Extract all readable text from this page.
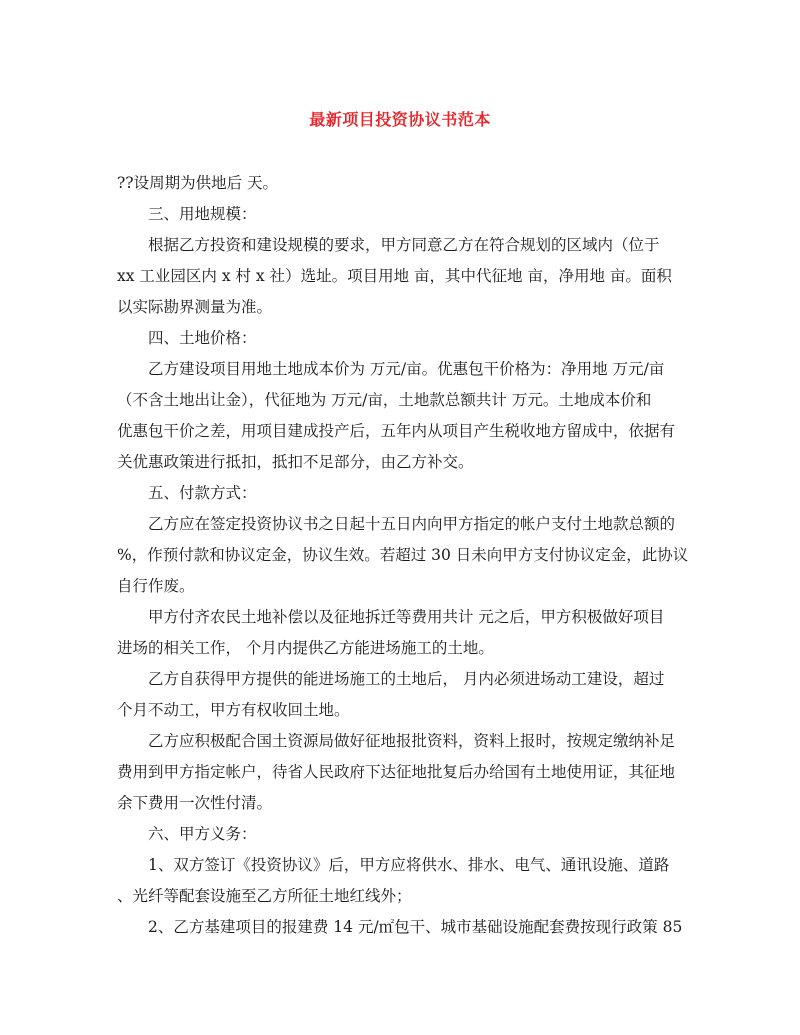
最新项目投资协议书范本
??设周期为供地后 天。
三、用地规模：
根据乙方投资和建设规模的要求，甲方同意乙方在符合规划的区域内（位于
xx 工业园区内 x 村 x 社）选址。项目用地 亩，其中代征地 亩，净用地 亩。面积
以实际勘界测量为准。
四、土地价格：
乙方建设项目用地土地成本价为 万元/亩。优惠包干价格为：净用地 万元/亩
（不含土地出让金），代征地为 万元/亩，土地款总额共计 万元。土地成本价和
优惠包干价之差，用项目建成投产后，五年内从项目产生税收地方留成中，依据有
关优惠政策进行抵扣，抵扣不足部分，由乙方补交。
五、付款方式：
乙方应在签定投资协议书之日起十五日内向甲方指定的帐户支付土地款总额的
%，作预付款和协议定金，协议生效。若超过 30 日未向甲方支付协议定金，此协议
自行作废。
甲方付齐农民土地补偿以及征地拆迁等费用共计 元之后，甲方积极做好项目
进场的相关工作， 个月内提供乙方能进场施工的土地。
乙方自获得甲方提供的能进场施工的土地后， 月内必须进场动工建设，超过
个月不动工，甲方有权收回土地。
乙方应积极配合国土资源局做好征地报批资料，资料上报时，按规定缴纳补足
费用到甲方指定帐户，待省人民政府下达征地批复后办给国有土地使用证，其征地
余下费用一次性付清。
六、甲方义务：
1、双方签订《投资协议》后，甲方应将供水、排水、电气、通讯设施、道路
、光纤等配套设施至乙方所征土地红线外；
2、乙方基建项目的报建费 14 元/㎡包干、城市基础设施配套费按现行政策 85
